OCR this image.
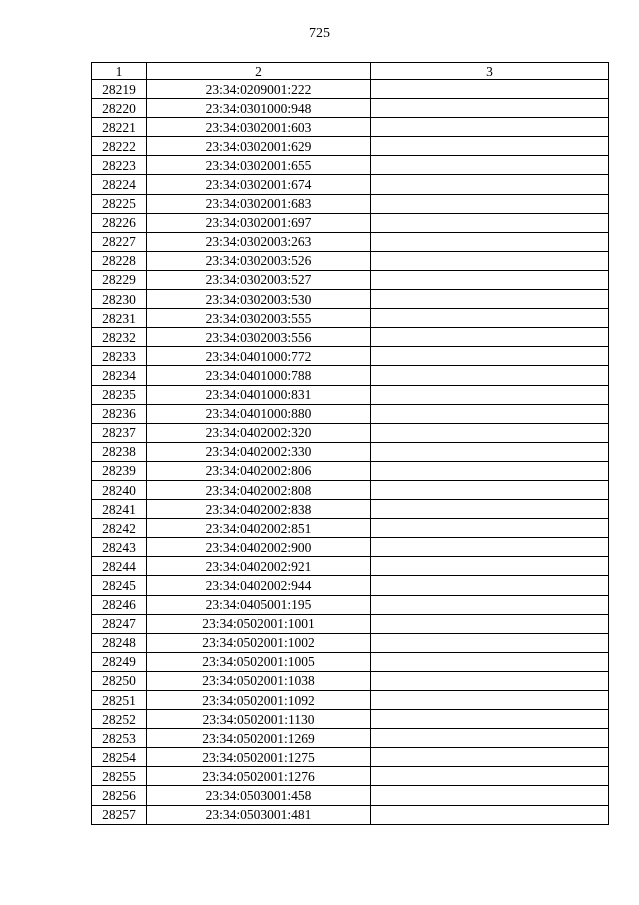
725
1	2	3
28219	23:34:0209001:222	
28220	23:34:0301000:948	
28221	23:34:0302001:603	
28222	23:34:0302001:629	
28223	23:34:0302001:655	
28224	23:34:0302001:674	
28225	23:34:0302001:683	
28226	23:34:0302001:697	
28227	23:34:0302003:263	
28228	23:34:0302003:526	
28229	23:34:0302003:527	
28230	23:34:0302003:530	
28231	23:34:0302003:555	
28232	23:34:0302003:556	
28233	23:34:0401000:772	
28234	23:34:0401000:788	
28235	23:34:0401000:831	
28236	23:34:0401000:880	
28237	23:34:0402002:320	
28238	23:34:0402002:330	
28239	23:34:0402002:806	
28240	23:34:0402002:808	
28241	23:34:0402002:838	
28242	23:34:0402002:851	
28243	23:34:0402002:900	
28244	23:34:0402002:921	
28245	23:34:0402002:944	
28246	23:34:0405001:195	
28247	23:34:0502001:1001	
28248	23:34:0502001:1002	
28249	23:34:0502001:1005	
28250	23:34:0502001:1038	
28251	23:34:0502001:1092	
28252	23:34:0502001:1130	
28253	23:34:0502001:1269	
28254	23:34:0502001:1275	
28255	23:34:0502001:1276	
28256	23:34:0503001:458	
28257	23:34:0503001:481	
